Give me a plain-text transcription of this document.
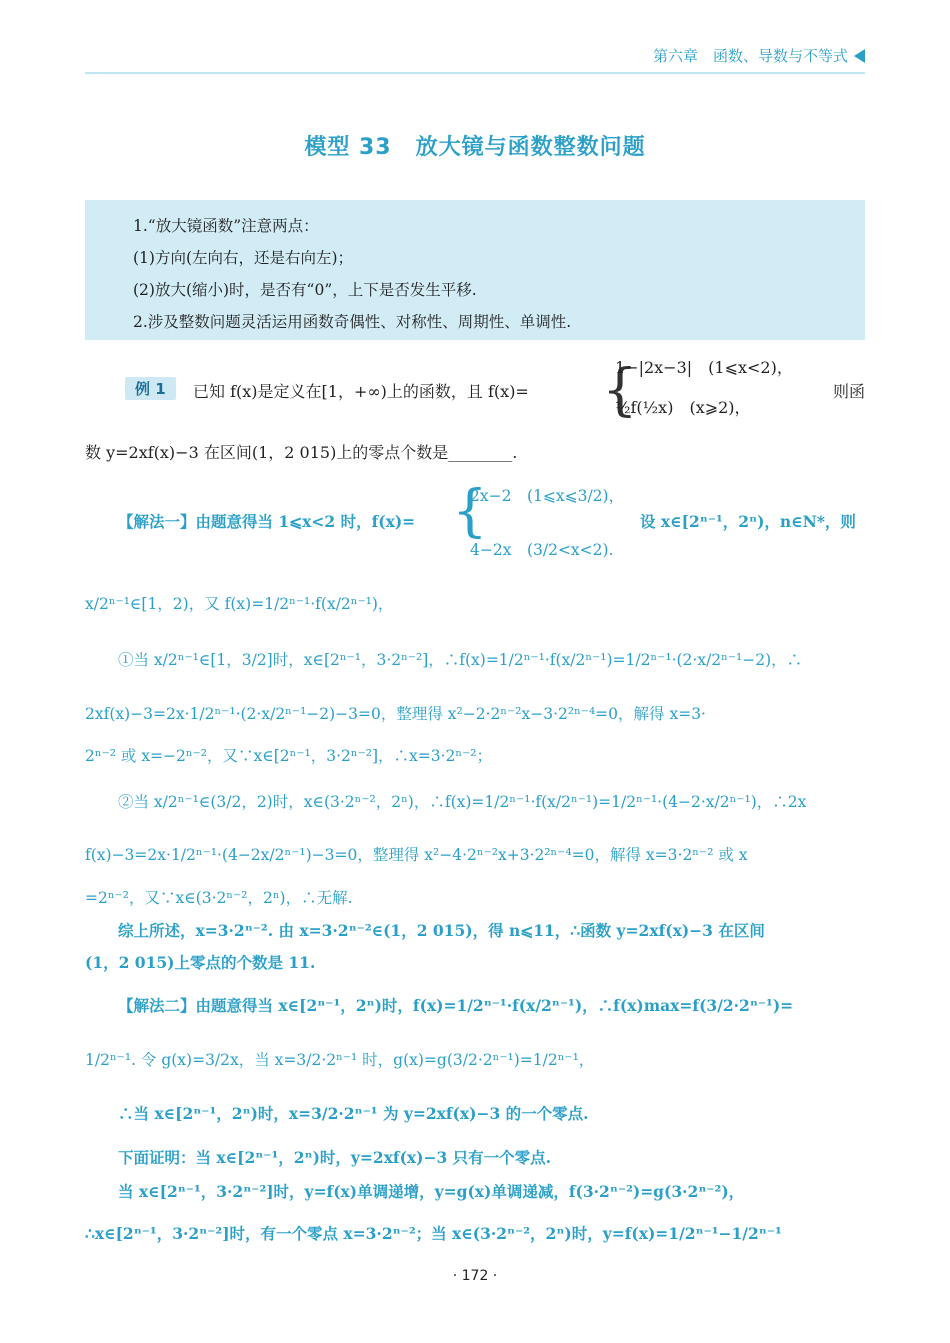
第六章　函数、导数与不等式
模型 33 放大镜与函数整数问题
1.“放大镜函数”注意两点：
(1)方向(左向右，还是右向左)；
(2)放大(缩小)时，是否有“0”，上下是否发生平移.
2.涉及整数问题灵活运用函数奇偶性、对称性、周期性、单调性.
例 1	已知 f(x)是定义在[1，+∞)上的函数，且 f(x)= {
1−|2x−3|　(1⩽x<2)，
½f(½x)　(x⩾2)，
则函
数 y=2xf(x)−3 在区间(1，2 015)上的零点个数是________.
【解法一】由题意得当 1⩽x<2 时，f(x)= {
2x−2　(1⩽x⩽3/2)，
4−2x　(3/2<x<2).
设 x∈[2ⁿ⁻¹，2ⁿ)，n∈N*，则
x/2ⁿ⁻¹∈[1，2)，又 f(x)=1/2ⁿ⁻¹·f(x/2ⁿ⁻¹)，
①当 x/2ⁿ⁻¹∈[1，3/2]时，x∈[2ⁿ⁻¹，3·2ⁿ⁻²]，∴f(x)=1/2ⁿ⁻¹·f(x/2ⁿ⁻¹)=1/2ⁿ⁻¹·(2·x/2ⁿ⁻¹−2)，∴
2xf(x)−3=2x·1/2ⁿ⁻¹·(2·x/2ⁿ⁻¹−2)−3=0，整理得 x²−2·2ⁿ⁻²x−3·2²ⁿ⁻⁴=0，解得 x=3·
2ⁿ⁻² 或 x=−2ⁿ⁻²，又∵x∈[2ⁿ⁻¹，3·2ⁿ⁻²]，∴x=3·2ⁿ⁻²；
②当 x/2ⁿ⁻¹∈(3/2，2)时，x∈(3·2ⁿ⁻²，2ⁿ)，∴f(x)=1/2ⁿ⁻¹·f(x/2ⁿ⁻¹)=1/2ⁿ⁻¹·(4−2·x/2ⁿ⁻¹)，∴2x
f(x)−3=2x·1/2ⁿ⁻¹·(4−2x/2ⁿ⁻¹)−3=0，整理得 x²−4·2ⁿ⁻²x+3·2²ⁿ⁻⁴=0，解得 x=3·2ⁿ⁻² 或 x
=2ⁿ⁻²，又∵x∈(3·2ⁿ⁻²，2ⁿ)，∴无解.
综上所述，x=3·2ⁿ⁻². 由 x=3·2ⁿ⁻²∈(1，2 015)，得 n⩽11，∴函数 y=2xf(x)−3 在区间
(1，2 015)上零点的个数是 11.
【解法二】由题意得当 x∈[2ⁿ⁻¹，2ⁿ)时，f(x)=1/2ⁿ⁻¹·f(x/2ⁿ⁻¹)，∴f(x)max=f(3/2·2ⁿ⁻¹)=
1/2ⁿ⁻¹. 令 g(x)=3/2x，当 x=3/2·2ⁿ⁻¹ 时，g(x)=g(3/2·2ⁿ⁻¹)=1/2ⁿ⁻¹，
∴当 x∈[2ⁿ⁻¹，2ⁿ)时，x=3/2·2ⁿ⁻¹ 为 y=2xf(x)−3 的一个零点.
下面证明：当 x∈[2ⁿ⁻¹，2ⁿ)时，y=2xf(x)−3 只有一个零点.
当 x∈[2ⁿ⁻¹，3·2ⁿ⁻²]时，y=f(x)单调递增，y=g(x)单调递减，f(3·2ⁿ⁻²)=g(3·2ⁿ⁻²)，
∴x∈[2ⁿ⁻¹，3·2ⁿ⁻²]时，有一个零点 x=3·2ⁿ⁻²；当 x∈(3·2ⁿ⁻²，2ⁿ)时，y=f(x)=1/2ⁿ⁻¹−1/2ⁿ⁻¹
· 172 ·
